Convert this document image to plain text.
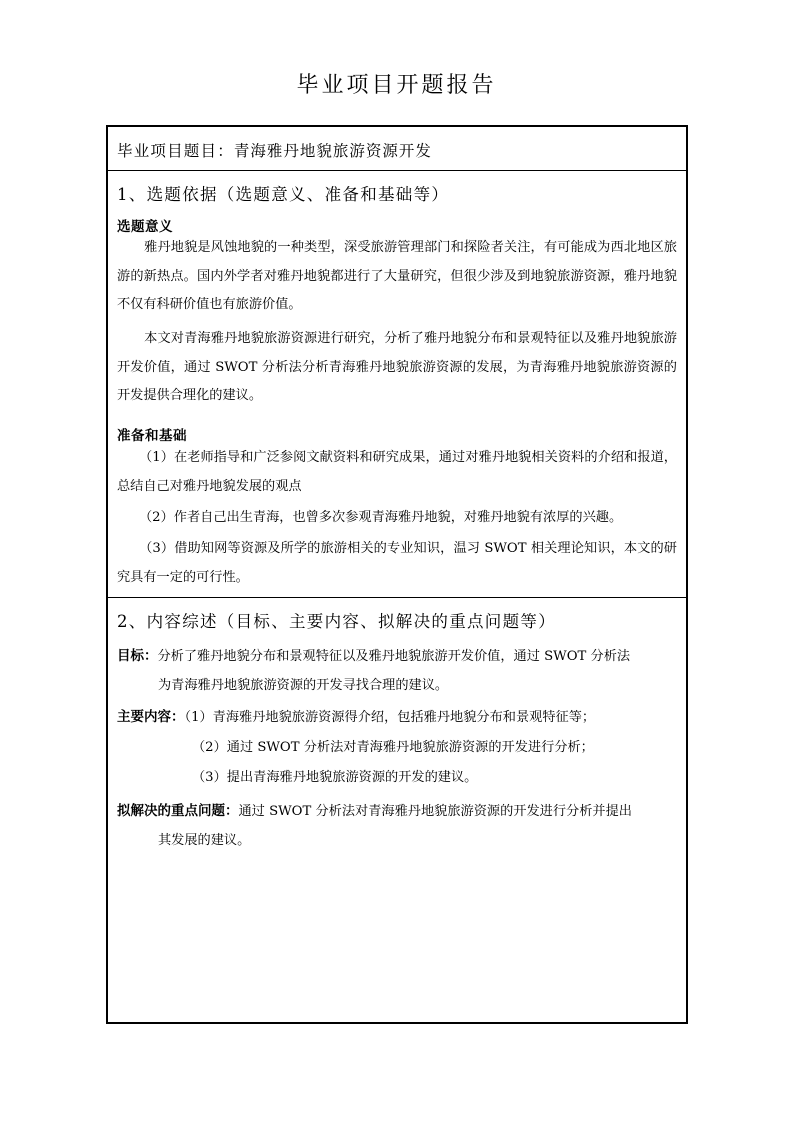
毕业项目开题报告
毕业项目题目：青海雅丹地貌旅游资源开发
1、选题依据（选题意义、准备和基础等）
选题意义
雅丹地貌是风蚀地貌的一种类型，深受旅游管理部门和探险者关注，有可能成为西北地区旅游的新热点。国内外学者对雅丹地貌都进行了大量研究，但很少涉及到地貌旅游资源，雅丹地貌不仅有科研价值也有旅游价值。
本文对青海雅丹地貌旅游资源进行研究，分析了雅丹地貌分布和景观特征以及雅丹地貌旅游开发价值，通过 SWOT 分析法分析青海雅丹地貌旅游资源的发展，为青海雅丹地貌旅游资源的开发提供合理化的建议。
准备和基础
（1）在老师指导和广泛参阅文献资料和研究成果，通过对雅丹地貌相关资料的介绍和报道，总结自己对雅丹地貌发展的观点
（2）作者自己出生青海，也曾多次参观青海雅丹地貌，对雅丹地貌有浓厚的兴趣。
（3）借助知网等资源及所学的旅游相关的专业知识，温习 SWOT 相关理论知识，本文的研究具有一定的可行性。
2、内容综述（目标、主要内容、拟解决的重点问题等）
目标：分析了雅丹地貌分布和景观特征以及雅丹地貌旅游开发价值，通过 SWOT 分析法
为青海雅丹地貌旅游资源的开发寻找合理的建议。
主要内容：（1）青海雅丹地貌旅游资源得介绍，包括雅丹地貌分布和景观特征等；
（2）通过 SWOT 分析法对青海雅丹地貌旅游资源的开发进行分析；
（3）提出青海雅丹地貌旅游资源的开发的建议。
拟解决的重点问题：通过 SWOT 分析法对青海雅丹地貌旅游资源的开发进行分析并提出
其发展的建议。
